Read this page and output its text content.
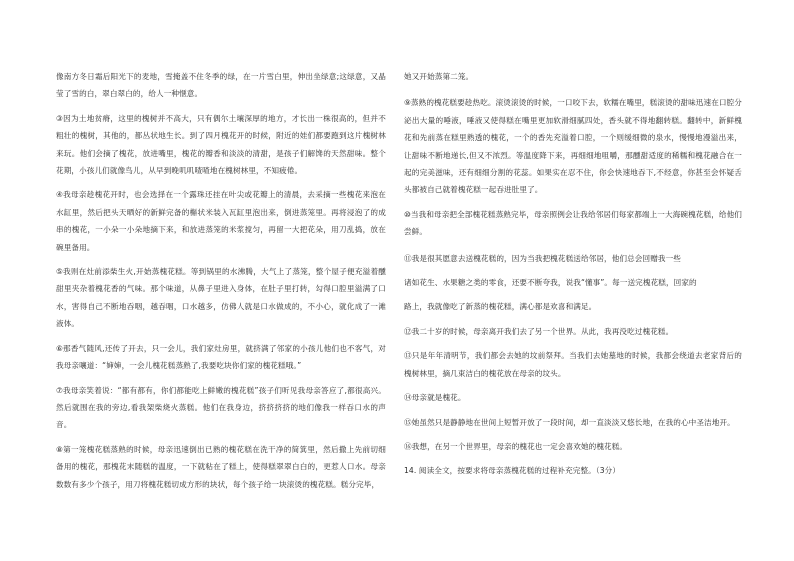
像南方冬日霜后阳光下的麦地，雪掩盖不住冬季的绿，在一片雪白里，伸出坐绿意;这绿意，又晶莹了雪的白，翠白翠白的，给人一种惬意。

③因为土地贫瘠，这里的槐树并不高大，只有偶尔土壤深厚的地方，才长出一株很高的，但并不粗壮的槐树，其他的，都丛状地生长。到了四月槐花开的时候，附近的娃们都要跑到这片槐树林来玩。他们会摘了槐花，放进嘴里，槐花的瓣香和淡淡的清甜，是孩子们解馋的天然甜味。整个花期，小孩儿们就像鸟儿，从早到晚叽叽喳喳地在槐树林里，不知疲倦。

④我母亲趁槐花开时，也会选择在一个露珠还挂在叶尖或花瓣上的清晨，去采摘一些槐花来泡在水缸里，然后把头天晒好的新鲜完备的槲状米装入瓦缸里泡出来，倒进蒸笼里。再将浸泡了的成串的槐花，一小朵一小朵地摘下来，和放进蒸笼的米浆搅匀，再留一大把花朵，用刀乱捣，放在碗里备用。

⑤我则在灶前添柴生火,开始蒸槐花糕。等到锅里的水沸腾，大气上了蒸笼，整个屋子便充溢着醺甜里夹杂着槐花香的气味。那个味道，从鼻子里进入身体，在肚子里打转，勾得口腔里溢满了口水，害得自己不断地吞咽，越吞咽，口水越多，仿佛人就是口水做成的，不小心，就化成了一滩液体。

⑥那香气随风,还传了开去，只一会儿，我们家灶房里，就挤满了邻家的小孩儿他们也不客气，对我母亲嚷道：“婶婶，一会儿槐花糕蒸熟了,我要吃块你们家的槐花糕哦。”

⑦我母亲笑着说：“都有都有，你们都能吃上鲜嫩的槐花糕”孩子们听见我母亲答应了,都很高兴。然后就围在我的旁边,看我架柴烧火蒸糕。他们在我身边，挤挤挤挤的地们像我一样吞口水的声音。

⑧第一笼槐花糕蒸熟的时候，母亲迅速倒出已熟的槐花糕在洗干净的简箕里，然后撒上先前切细备用的槐花，那槐花末随糕的温度，一下就粘在了糕上，使得糕翠翠白白的，更惹人口水。母亲数数有多少个孩子，用刀将槐花糕切成方形的块状，每个孩子给一块滚烫的槐花糕。糕分完毕，

她又开始蒸第二笼。

⑨蒸熟的槐花糕要趁热吃。滚烫滚烫的时候，一口咬下去，软糯在嘴里，糕滚烫的甜味迅速在口腔分泌出大量的唾液，唾液又使得糕在嘴里更加软滑细腻四处，香头就不得地翻转糕。翻转中，新鲜槐花和先前蒸在糕里熟透的槐花，一个的香先充溢着口腔，一个则缓细微的泉水，慢慢地漫溢出来，让甜味不断地递长,但又不浓烈。等温度降下来，再细细地咀嚼，那醺甜适度的稀糯和槐花融合在一起的完美滋味，还有细细分割的花蕊。如果实在忍不住，你会快速地吞下,不经意，你甚至会怀疑舌头都被自己就着槐花糕一起吞进肚里了。

⑩当我和母亲把全部槐花糕蒸熟完毕，母亲照例会让我给邻居们每家都端上一大海碗槐花糕，给他们尝鲜。

⑪我是很其愿意去送槐花糕的，因为当我把槐花糕送给邻居，他们总会回赠我一些

诸如花生、水果糖之类的零食，还要不断夸我，说我“懂事”。每一送完槐花糕，回家的

路上，我就像吃了新蒸的槐花糕，满心都是欢喜和满足。

⑫我二十岁的时候，母亲离开我们去了另一个世界。从此，我再没吃过槐花糕。

⑬只是年年清明节，我们都会去她的坟前祭拜。当我们去她墓地的时候，我都会绕道去老家背后的槐树林里，摘几束洁白的槐花放在母亲的坟头。

⑭母亲就是槐花。

⑮她虽然只是静静地在世间上短暂开放了一段时间，却一直淡淡又悠长地，在我的心中圣洁地开。

⑯我想，在另一个世界里，母亲的槐花也一定会喜欢她的槐花糕。

14. 阅读全文，按要求将母亲蒸槐花糕的过程补充完整。（3分）
